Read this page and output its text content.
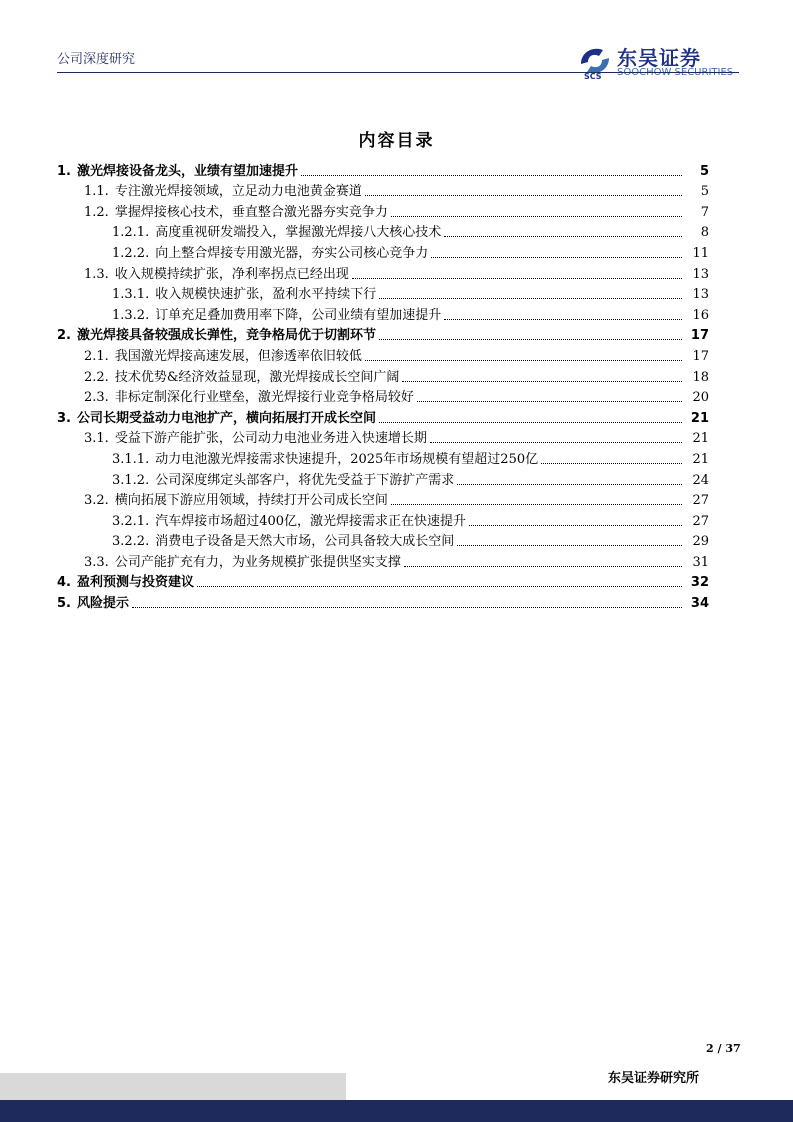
公司深度研究
SCS
东吴证券
SOOCHOW SECURITIES
内容目录
1. 激光焊接设备龙头，业绩有望加速提升	5
1.1. 专注激光焊接领域，立足动力电池黄金赛道	5
1.2. 掌握焊接核心技术，垂直整合激光器夯实竞争力	7
1.2.1. 高度重视研发端投入，掌握激光焊接八大核心技术	8
1.2.2. 向上整合焊接专用激光器，夯实公司核心竞争力	11
1.3. 收入规模持续扩张，净利率拐点已经出现	13
1.3.1. 收入规模快速扩张，盈利水平持续下行	13
1.3.2. 订单充足叠加费用率下降，公司业绩有望加速提升	16
2. 激光焊接具备较强成长弹性，竞争格局优于切割环节	17
2.1. 我国激光焊接高速发展，但渗透率依旧较低	17
2.2. 技术优势&经济效益显现，激光焊接成长空间广阔	18
2.3. 非标定制深化行业壁垒，激光焊接行业竞争格局较好	20
3. 公司长期受益动力电池扩产，横向拓展打开成长空间	21
3.1. 受益下游产能扩张，公司动力电池业务进入快速增长期	21
3.1.1. 动力电池激光焊接需求快速提升，2025年市场规模有望超过250亿	21
3.1.2. 公司深度绑定头部客户，将优先受益于下游扩产需求	24
3.2. 横向拓展下游应用领域，持续打开公司成长空间	27
3.2.1. 汽车焊接市场超过400亿，激光焊接需求正在快速提升	27
3.2.2. 消费电子设备是天然大市场，公司具备较大成长空间	29
3.3. 公司产能扩充有力，为业务规模扩张提供坚实支撑	31
4. 盈利预测与投资建议	32
5. 风险提示	34
2 / 37
东吴证券研究所
